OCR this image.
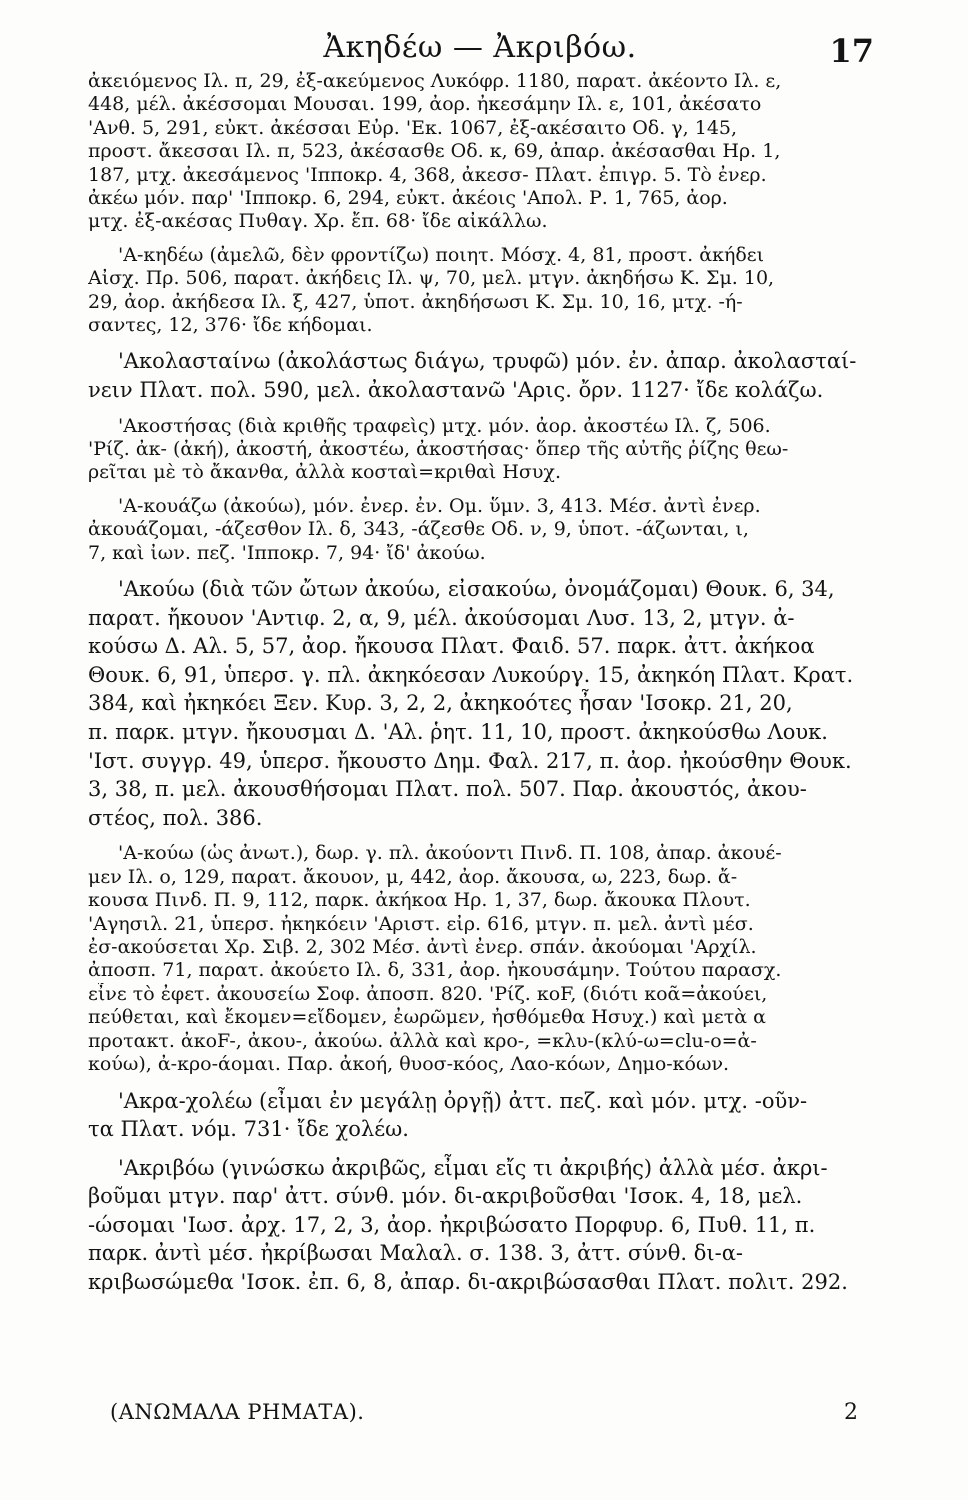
Ἀκηδέω — Ἀκριβόω.	17
ἀκειόμενος Ιλ. π, 29, ἐξ-ακεύμενος Λυκόφρ. 1180, παρατ. ἀκέοντο Ιλ. ε,
448, μέλ. ἀκέσσομαι Μουσαι. 199, ἀορ. ἠκεσάμην Ιλ. ε, 101, ἀκέσατο
'Ανθ. 5, 291, εὐκτ. ἀκέσσαι Εὐρ. 'Εκ. 1067, ἐξ-ακέσαιτο Οδ. γ, 145,
προστ. ἄκεσσαι Ιλ. π, 523, ἀκέσασθε Οδ. κ, 69, ἀπαρ. ἀκέσασθαι Ηρ. 1,
187, μτχ. ἀκεσάμενος 'Ιπποκρ. 4, 368, ἀκεσσ- Πλατ. ἐπιγρ. 5. Τὸ ἐνερ.
ἀκέω μόν. παρ' 'Ιπποκρ. 6, 294, εὐκτ. ἀκέοις 'Απολ. Ρ. 1, 765, ἀορ.
μτχ. ἐξ-ακέσας Πυθαγ. Χρ. ἔπ. 68· ἴδε αἰκάλλω.
'Α-κηδέω (ἀμελῶ, δὲν φροντίζω) ποιητ. Μόσχ. 4, 81, προστ. ἀκήδει
Αἰσχ. Πρ. 506, παρατ. ἀκήδεις Ιλ. ψ, 70, μελ. μτγν. ἀκηδήσω Κ. Σμ. 10,
29, ἀορ. ἀκήδεσα Ιλ. ξ, 427, ὑποτ. ἀκηδήσωσι Κ. Σμ. 10, 16, μτχ. -ή-
σαντες, 12, 376· ἴδε κήδομαι.
'Ακολασταίνω (ἀκολάστως διάγω, τρυφῶ) μόν. ἐν. ἀπαρ. ἀκολασταί-
νειν Πλατ. πολ. 590, μελ. ἀκολαστανῶ 'Αρις. ὄρν. 1127· ἴδε κολάζω.
'Ακοστήσας (διὰ κριθῆς τραφεὶς) μτχ. μόν. ἀορ. ἀκοστέω Ιλ. ζ, 506.
'Ρίζ. ἀκ- (ἀκή), ἀκοστή, ἀκοστέω, ἀκοστήσας· ὅπερ τῆς αὐτῆς ῥίζης θεω-
ρεῖται μὲ τὸ ἄκανθα, ἀλλὰ κοσταὶ=κριθαὶ Ησυχ.
'Α-κουάζω (ἀκούω), μόν. ἐνερ. ἐν. Ομ. ὕμν. 3, 413. Μέσ. ἀντὶ ἐνερ.
ἀκουάζομαι, -άζεσθον Ιλ. δ, 343, -άζεσθε Οδ. ν, 9, ὑποτ. -άζωνται, ι,
7, καὶ ἰων. πεζ. 'Ιπποκρ. 7, 94· ἴδ' ἀκούω.
'Ακούω (διὰ τῶν ὤτων ἀκούω, εἰσακούω, ὀνομάζομαι) Θουκ. 6, 34,
παρατ. ἤκουον 'Αντιφ. 2, α, 9, μέλ. ἀκούσομαι Λυσ. 13, 2, μτγν. ἀ-
κούσω Δ. Αλ. 5, 57, ἀορ. ἤκουσα Πλατ. Φαιδ. 57. παρκ. ἀττ. ἀκήκοα
Θουκ. 6, 91, ὑπερσ. γ. πλ. ἀκηκόεσαν Λυκούργ. 15, ἀκηκόη Πλατ. Κρατ.
384, καὶ ἠκηκόει Ξεν. Κυρ. 3, 2, 2, ἀκηκοότες ἦσαν 'Ισοκρ. 21, 20,
π. παρκ. μτγν. ἤκουσμαι Δ. 'Αλ. ῥητ. 11, 10, προστ. ἀκηκούσθω Λουκ.
'Ιστ. συγγρ. 49, ὑπερσ. ἤκουστο Δημ. Φαλ. 217, π. ἀορ. ἠκούσθην Θουκ.
3, 38, π. μελ. ἀκουσθήσομαι Πλατ. πολ. 507. Παρ. ἀκουστός, ἀκου-
στέος, πολ. 386.
'Α-κούω (ὡς ἀνωτ.), δωρ. γ. πλ. ἀκούοντι Πινδ. Π. 108, ἀπαρ. ἀκουέ-
μεν Ιλ. ο, 129, παρατ. ἄκουον, μ, 442, ἀορ. ἄκουσα, ω, 223, δωρ. ἄ-
κουσα Πινδ. Π. 9, 112, παρκ. ἀκήκοα Ηρ. 1, 37, δωρ. ἄκουκα Πλουτ.
'Αγησιλ. 21, ὑπερσ. ἠκηκόειν 'Αριστ. εἰρ. 616, μτγν. π. μελ. ἀντὶ μέσ.
ἐσ-ακούσεται Χρ. Σιβ. 2, 302 Μέσ. ἀντὶ ἐνερ. σπάν. ἀκούομαι 'Αρχίλ.
ἀποσπ. 71, παρατ. ἀκούετο Ιλ. δ, 331, ἀορ. ἠκουσάμην. Τούτου παρασχ.
εἶνε τὸ ἐφετ. ἀκουσείω Σοφ. ἀποσπ. 820. 'Ρίζ. κοF, (διότι κοᾶ=ἀκούει,
πεύθεται, καὶ ἔκομεν=εἴδομεν, ἐωρῶμεν, ἠσθόμεθα Ησυχ.) καὶ μετὰ α
προτακτ. ἀκοF-, ἀκου-, ἀκούω. ἀλλὰ καὶ κρο-, =κλυ-(κλύ-ω=clu-o=ἀ-
κούω), ἀ-κρο-άομαι. Παρ. ἀκοή, θυοσ-κόος, Λαο-κόων, Δημο-κόων.
'Ακρα-χολέω (εἶμαι ἐν μεγάλῃ ὀργῇ) ἀττ. πεζ. καὶ μόν. μτχ. -οῦν-
τα Πλατ. νόμ. 731· ἴδε χολέω.
'Ακριβόω (γινώσκω ἀκριβῶς, εἶμαι εἴς τι ἀκριβής) ἀλλὰ μέσ. ἀκρι-
βοῦμαι μτγν. παρ' ἀττ. σύνθ. μόν. δι-ακριβοῦσθαι 'Ισοκ. 4, 18, μελ.
-ώσομαι 'Ιωσ. ἀρχ. 17, 2, 3, ἀορ. ἠκριβώσατο Πορφυρ. 6, Πυθ. 11, π.
παρκ. ἀντὶ μέσ. ἠκρίβωσαι Μαλαλ. σ. 138. 3, ἀττ. σύνθ. δι-α-
κριβωσώμεθα 'Ισοκ. ἐπ. 6, 8, ἀπαρ. δι-ακριβώσασθαι Πλατ. πολιτ. 292.
(ΑΝΩΜΑΛΑ ΡΗΜΑΤΑ).	2
